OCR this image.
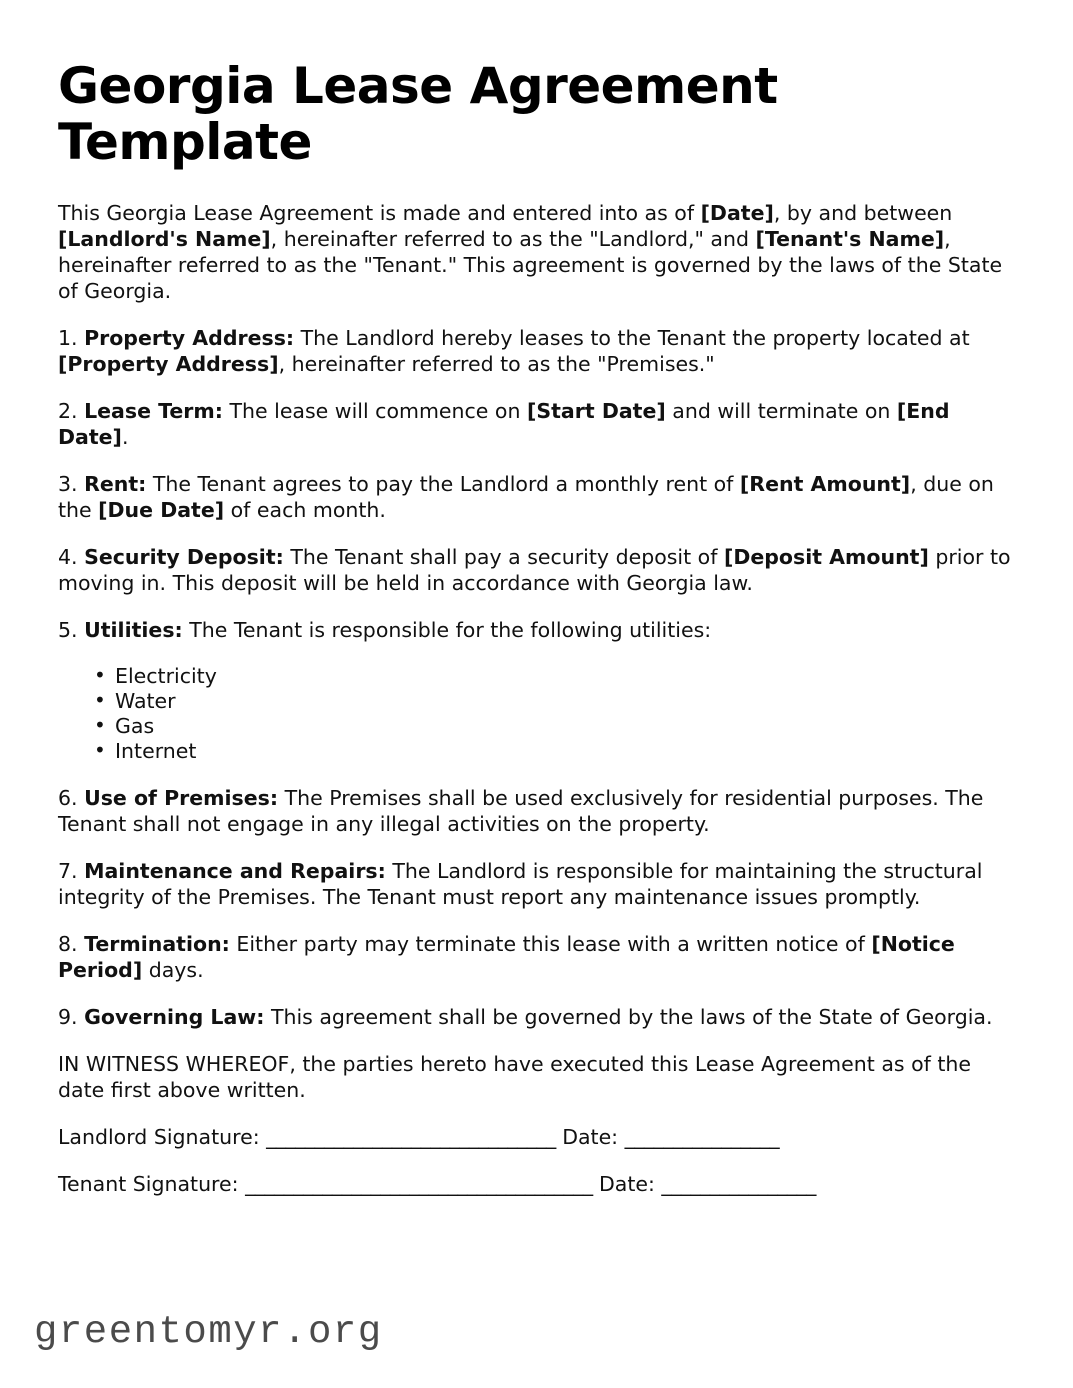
Georgia Lease Agreement Template

This Georgia Lease Agreement is made and entered into as of [Date], by and between [Landlord's Name], hereinafter referred to as the "Landlord," and [Tenant's Name], hereinafter referred to as the "Tenant." This agreement is governed by the laws of the State of Georgia.

1. Property Address: The Landlord hereby leases to the Tenant the property located at [Property Address], hereinafter referred to as the "Premises."

2. Lease Term: The lease will commence on [Start Date] and will terminate on [End Date].

3. Rent: The Tenant agrees to pay the Landlord a monthly rent of [Rent Amount], due on the [Due Date] of each month.

4. Security Deposit: The Tenant shall pay a security deposit of [Deposit Amount] prior to moving in. This deposit will be held in accordance with Georgia law.

5. Utilities: The Tenant is responsible for the following utilities:

• Electricity
• Water
• Gas
• Internet

6. Use of Premises: The Premises shall be used exclusively for residential purposes. The Tenant shall not engage in any illegal activities on the property.

7. Maintenance and Repairs: The Landlord is responsible for maintaining the structural integrity of the Premises. The Tenant must report any maintenance issues promptly.

8. Termination: Either party may terminate this lease with a written notice of [Notice Period] days.

9. Governing Law: This agreement shall be governed by the laws of the State of Georgia.

IN WITNESS WHEREOF, the parties hereto have executed this Lease Agreement as of the date first above written.

Landlord Signature: ______________________________ Date: ________________

Tenant Signature: ____________________________________ Date: ________________

greentomyr.org
